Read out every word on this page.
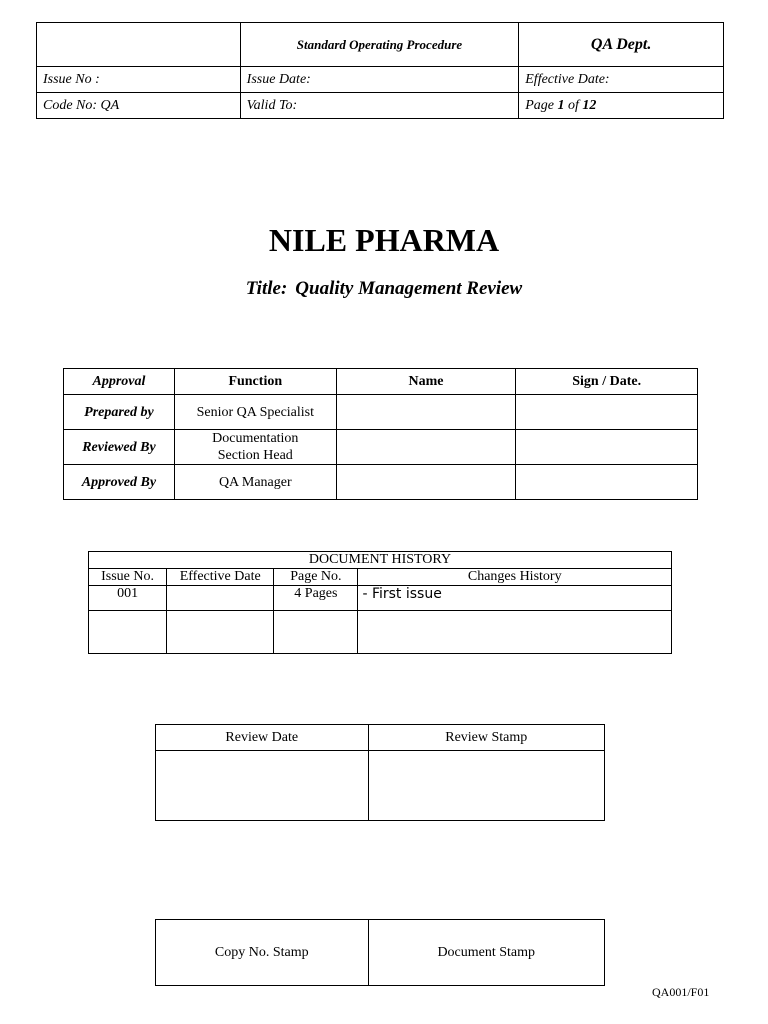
	Standard Operating Procedure	QA Dept.
Issue No :	Issue Date:	Effective Date:
Code No: QA	Valid To:	Page 1 of 12
NILE PHARMA
Title: Quality Management Review
Approval	Function	Name	Sign / Date.
Prepared by	Senior QA Specialist		
Reviewed By	Documentation
Section Head		
Approved By	QA Manager		
DOCUMENT HISTORY			
Issue No.	Effective Date	Page No.	Changes History
001		4 Pages	- First issue

Review Date	Review Stamp

Copy No. Stamp	Document Stamp
QA001/F01
